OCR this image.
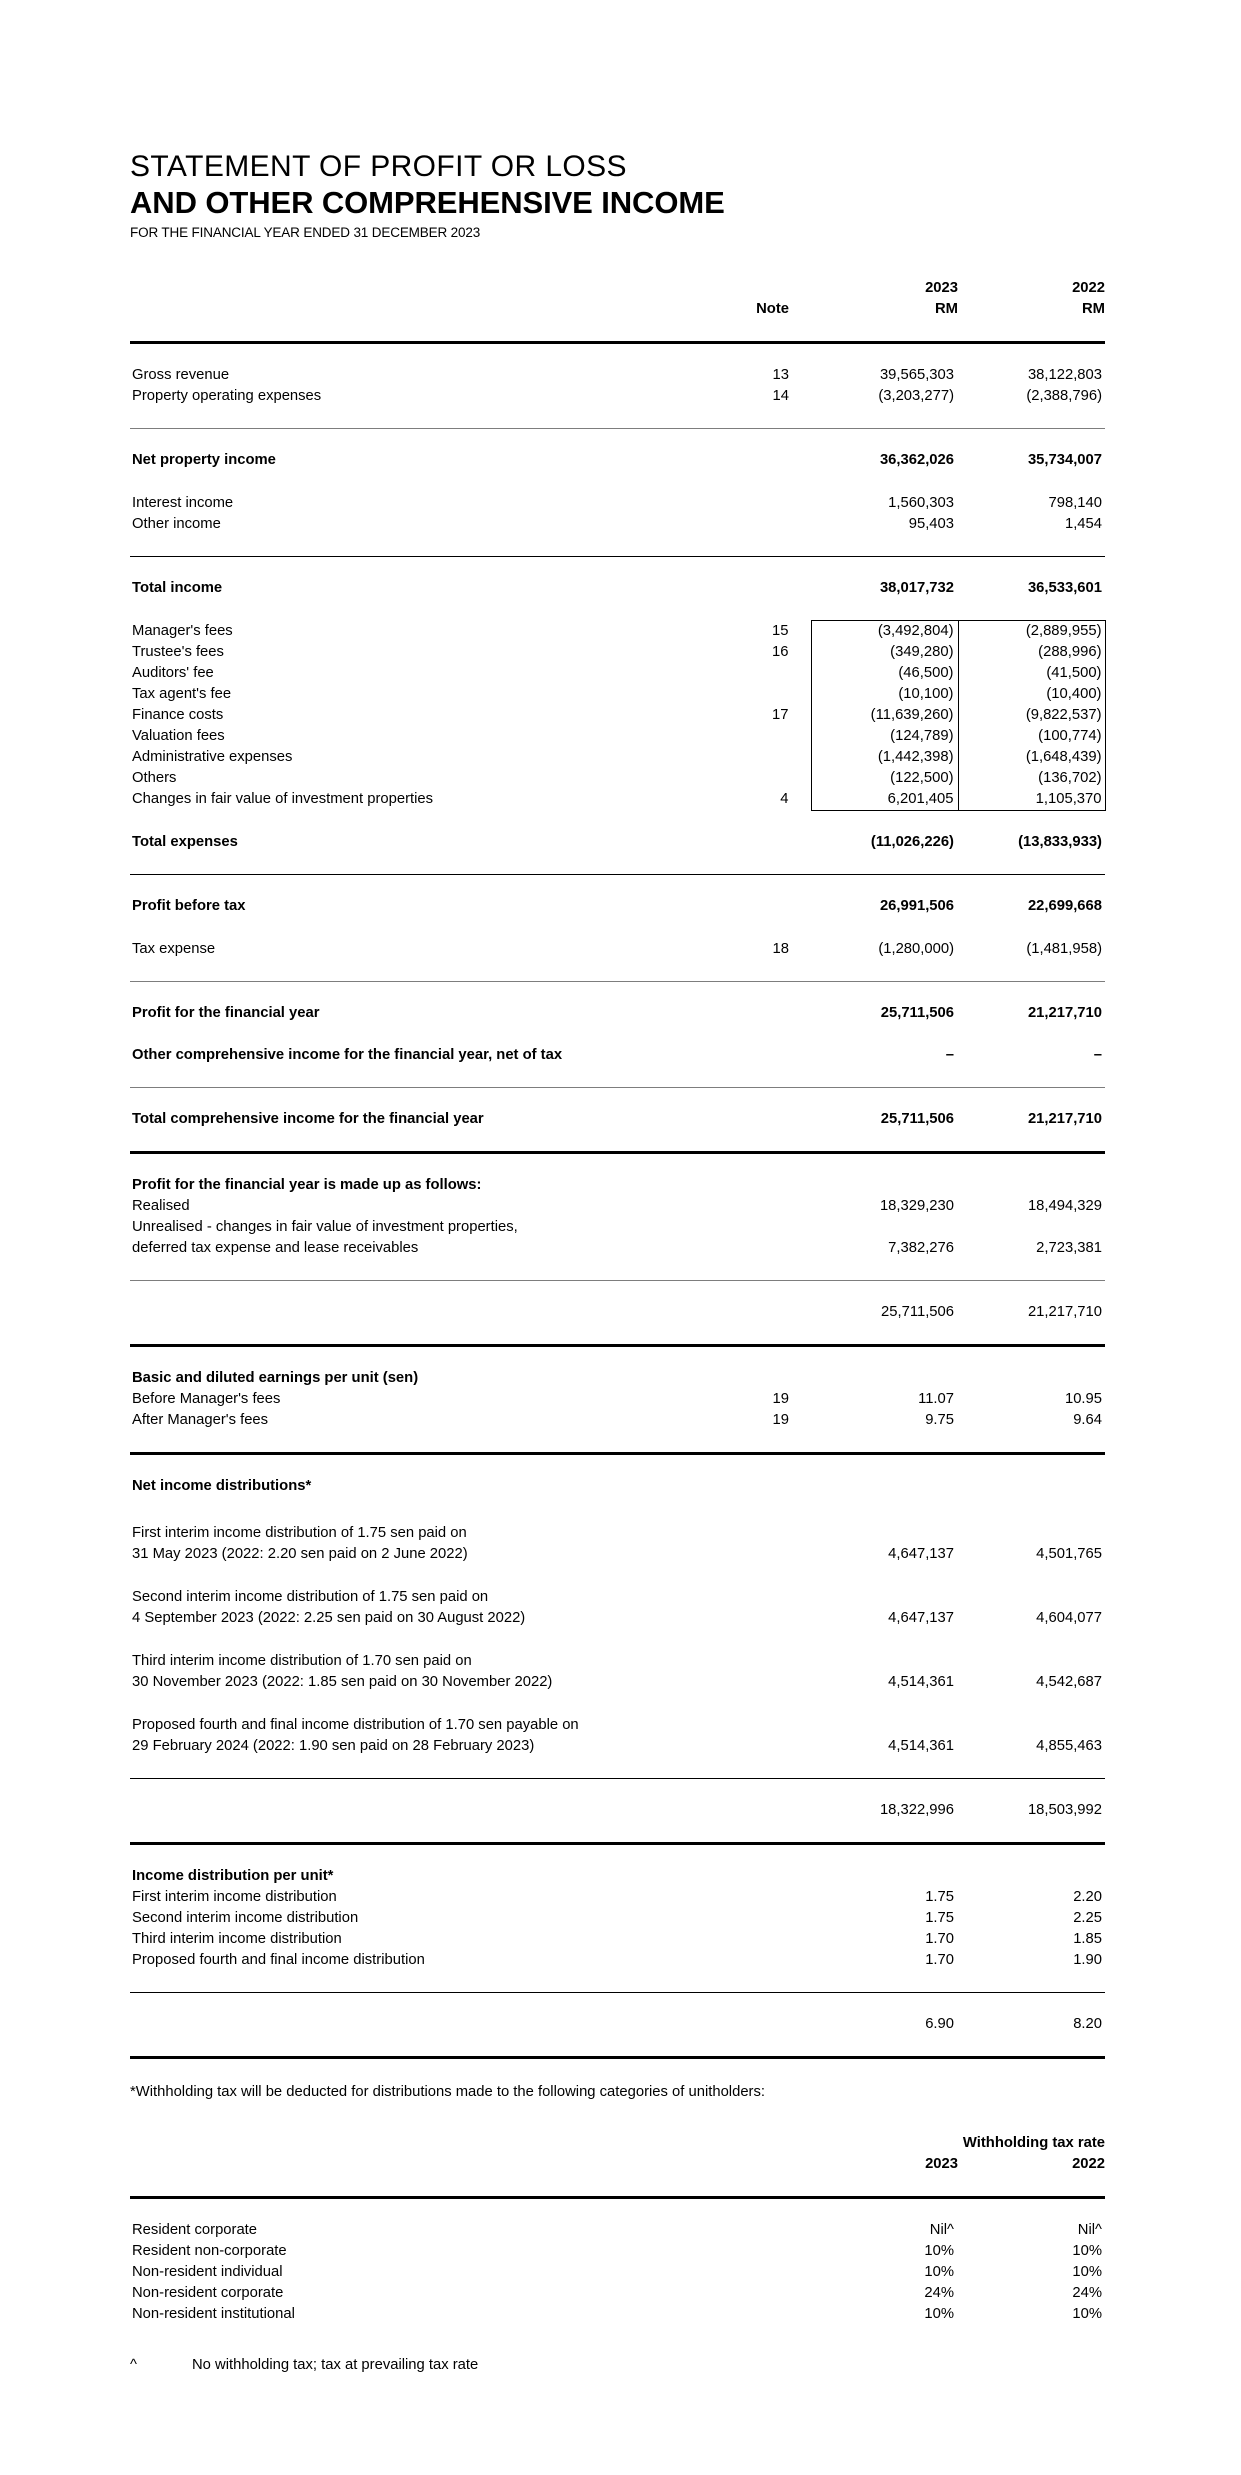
STATEMENT OF PROFIT OR LOSS
AND OTHER COMPREHENSIVE INCOME
FOR THE FINANCIAL YEAR ENDED 31 DECEMBER 2023
		2023	2022
	Note	RM	RM

Gross revenue	13	39,565,303	38,122,803
Property operating expenses	14	(3,203,277)	(2,388,796)

Net property income		36,362,026	35,734,007

Interest income		1,560,303	798,140
Other income		95,403	1,454

Total income		38,017,732	36,533,601

Manager's fees	15	(3,492,804)	(2,889,955)
Trustee's fees	16	(349,280)	(288,996)
Auditors' fee		(46,500)	(41,500)
Tax agent's fee		(10,100)	(10,400)
Finance costs	17	(11,639,260)	(9,822,537)
Valuation fees		(124,789)	(100,774)
Administrative expenses		(1,442,398)	(1,648,439)
Others		(122,500)	(136,702)
Changes in fair value of investment properties	4	6,201,405	1,105,370

Total expenses		(11,026,226)	(13,833,933)

Profit before tax		26,991,506	22,699,668

Tax expense	18	(1,280,000)	(1,481,958)

Profit for the financial year		25,711,506	21,217,710

Other comprehensive income for the financial year, net of tax		–	–

Total comprehensive income for the financial year		25,711,506	21,217,710

Profit for the financial year is made up as follows:			
Realised		18,329,230	18,494,329
Unrealised - changes in fair value of investment properties,			
deferred tax expense and lease receivables		7,382,276	2,723,381

		25,711,506	21,217,710

Basic and diluted earnings per unit (sen)			
Before Manager's fees	19	11.07	10.95
After Manager's fees	19	9.75	9.64

Net income distributions*			

First interim income distribution of 1.75 sen paid on			
31 May 2023 (2022: 2.20 sen paid on 2 June 2022)		4,647,137	4,501,765

Second interim income distribution of 1.75 sen paid on			
4 September 2023 (2022: 2.25 sen paid on 30 August 2022)		4,647,137	4,604,077

Third interim income distribution of 1.70 sen paid on			
30 November 2023 (2022: 1.85 sen paid on 30 November 2022)		4,514,361	4,542,687

Proposed fourth and final income distribution of 1.70 sen payable on			
29 February 2024 (2022: 1.90 sen paid on 28 February 2023)		4,514,361	4,855,463

		18,322,996	18,503,992

Income distribution per unit*			
First interim income distribution		1.75	2.20
Second interim income distribution		1.75	2.25
Third interim income distribution		1.70	1.85
Proposed fourth and final income distribution		1.70	1.90

		6.90	8.20

*Withholding tax will be deducted for distributions made to the following categories of unitholders:
		Withholding tax rate	
		2023	2022

Resident corporate		Nil^	Nil^
Resident non-corporate		10%	10%
Non-resident individual		10%	10%
Non-resident corporate		24%	24%
Non-resident institutional		10%	10%
^	No withholding tax; tax at prevailing tax rate
